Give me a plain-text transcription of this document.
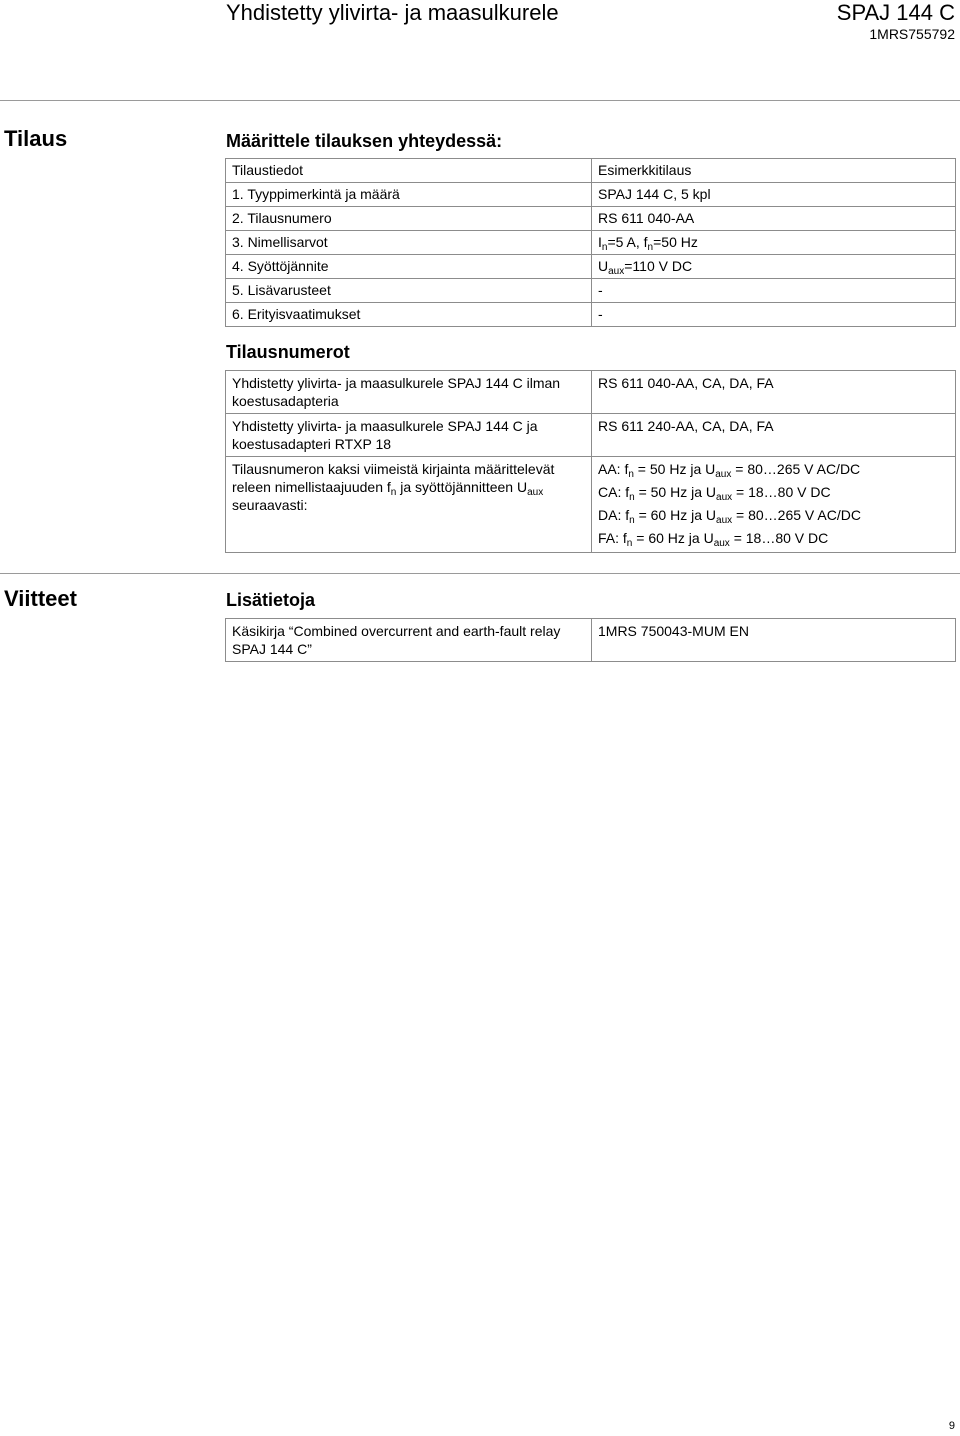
Yhdistetty ylivirta- ja maasulkurele	SPAJ 144 C
1MRS755792
Tilaus	Määrittele tilauksen yhteydessä:
Tilaustiedot	Esimerkkitilaus
1. Tyyppimerkintä ja määrä	SPAJ 144 C, 5 kpl
2. Tilausnumero	RS 611 040-AA
3. Nimellisarvot	$I_n=5$ A, $f_n=50$ Hz
4. Syöttöjännite	$U_{aux}=110$ V DC
5. Lisävarusteet	-
6. Erityisvaatimukset	-
Tilausnumerot
Yhdistetty ylivirta- ja maasulkurele SPAJ 144 C ilman koestusadapteria	RS 611 040-AA, CA, DA, FA
Yhdistetty ylivirta- ja maasulkurele SPAJ 144 C ja koestusadapteri RTXP 18	RS 611 240-AA, CA, DA, FA
Tilausnumeron kaksi viimeistä kirjainta määrittelevät releen nimellistaajuuden $f_n$ ja syöttöjännitteen $U_{aux}$ seuraavasti:	AA: $f_n = 50$ Hz ja $U_{aux}$ = 80…265 V AC/DC
CA: $f_n = 50$ Hz ja $U_{aux}$ = 18…80 V DC
DA: $f_n = 60$ Hz ja $U_{aux}$ = 80…265 V AC/DC
FA: $f_n = 60$ Hz ja $U_{aux}$ = 18…80 V DC
Viitteet	Lisätietoja
Käsikirja “Combined overcurrent and earth-fault relay SPAJ 144 C”	1MRS 750043-MUM EN
9
